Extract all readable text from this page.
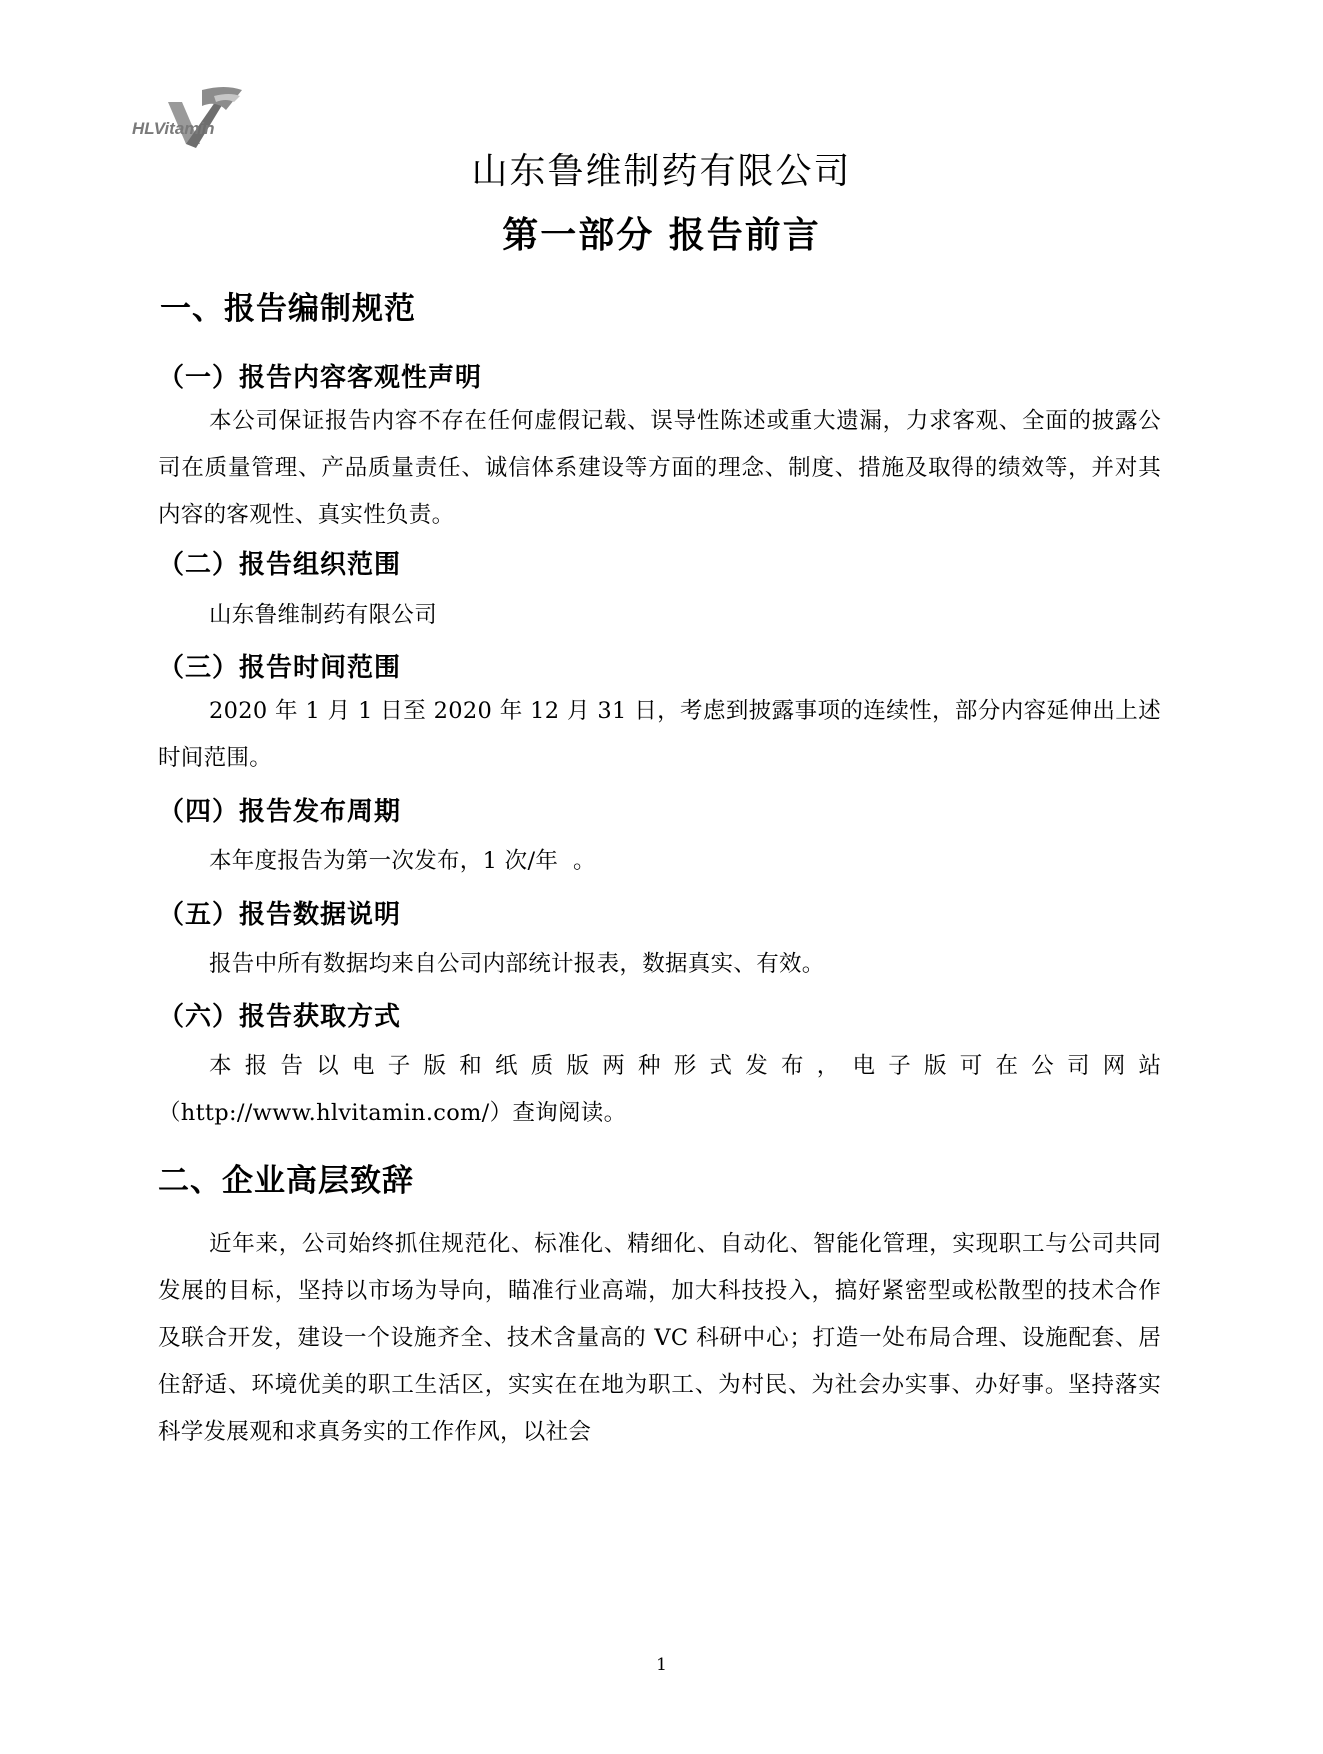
HLVitamin
山东鲁维制药有限公司
第一部分 报告前言
一、报告编制规范
（一）报告内容客观性声明
本公司保证报告内容不存在任何虚假记载、误导性陈述或重大遗漏，力求客观、全面的披露公司在质量管理、产品质量责任、诚信体系建设等方面的理念、制度、措施及取得的绩效等，并对其内容的客观性、真实性负责。
（二）报告组织范围
山东鲁维制药有限公司
（三）报告时间范围
2020 年 1 月 1 日至 2020 年 12 月 31 日，考虑到披露事项的连续性，部分内容延伸出上述时间范围。
（四）报告发布周期
本年度报告为第一次发布，1 次/年  。
（五）报告数据说明
报告中所有数据均来自公司内部统计报表，数据真实、有效。
（六）报告获取方式
本报告以电子版和纸质版两种形式发布，电子版可在公司网站
（http://www.hlvitamin.com/）查询阅读。
二、企业高层致辞
近年来，公司始终抓住规范化、标准化、精细化、自动化、智能化管理，实现职工与公司共同发展的目标，坚持以市场为导向，瞄准行业高端，加大科技投入，搞好紧密型或松散型的技术合作及联合开发，建设一个设施齐全、技术含量高的 VC 科研中心；打造一处布局合理、设施配套、居住舒适、环境优美的职工生活区，实实在在地为职工、为村民、为社会办实事、办好事。坚持落实科学发展观和求真务实的工作作风，以社会
1
